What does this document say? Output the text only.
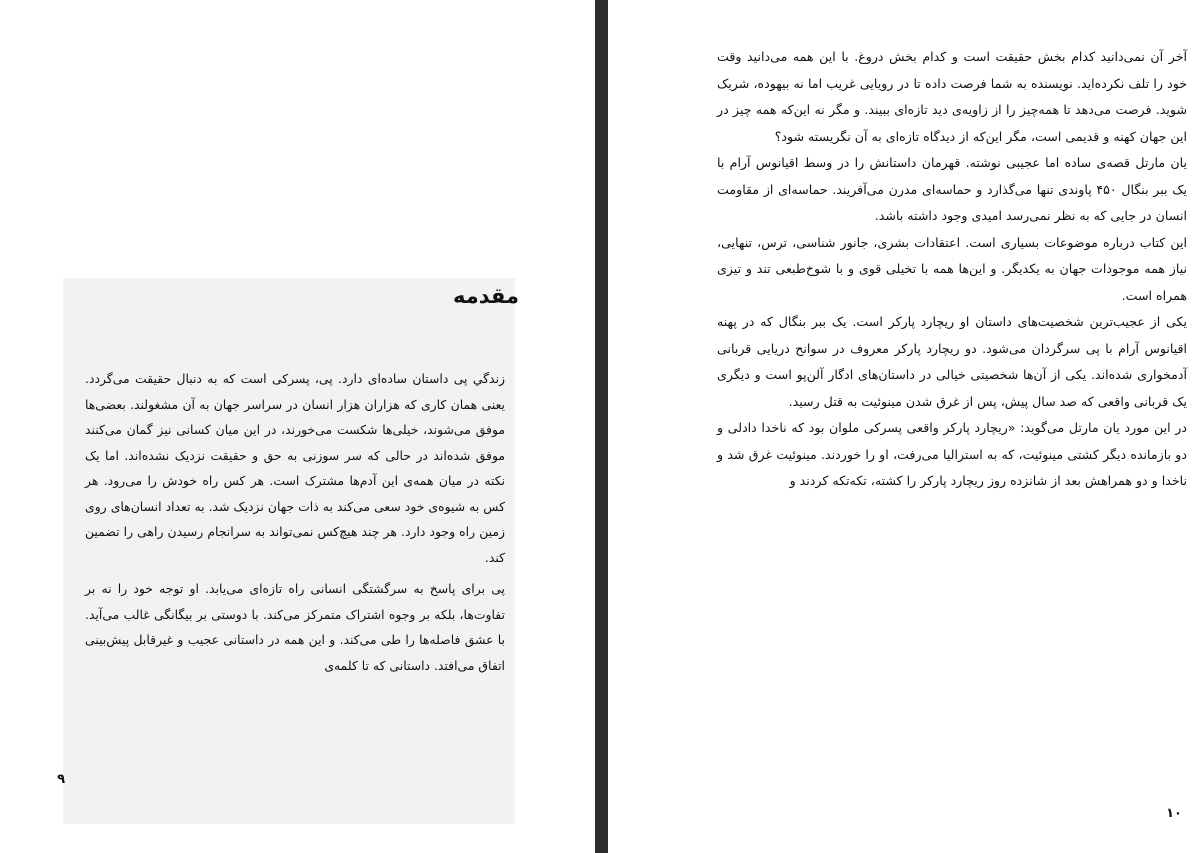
مقدمه

زندگي پی داستان ساده‌ای دارد. پی، پسرکی است که به دنبال حقیقت می‌گردد. یعنی همان کاری که هزاران هزار انسان در سراسر جهان به آن مشغولند. بعضی‌ها موفق می‌شوند، خیلی‌ها شکست می‌خورند، در این میان کسانی نیز گمان می‌کنند موفق شده‌اند در حالی که سر سوزنی به حق و حقیقت نزدیک نشده‌اند. اما یک نکته در میان همه‌ی این آدم‌ها مشترک است. هر کس راه خودش را می‌رود. هر کس به شیوه‌ی خود سعی می‌کند به ذات جهان نزدیک شد. به تعداد انسان‌های روی زمین راه وجود دارد. هر چند هیچ‌کس نمی‌تواند به سرانجام رسیدن راهی را تضمین کند.

پی برای پاسخ به سرگشتگی انسانی راه تازه‌ای می‌یابد. او توجه خود را نه بر تفاوت‌ها، بلکه بر وجوه اشتراک متمرکز می‌کند. با دوستی بر بیگانگی غالب می‌آید. با عشق فاصله‌ها را طی می‌کند. و این همه در داستانی عجیب و غیرقابل پیش‌بینی اتفاق می‌افتد. داستانی که تا کلمه‌ی

۹

آخر آن نمی‌دانید کدام بخش حقیقت است و کدام بخش دروغ. با این همه می‌دانید وقت خود را تلف نکرده‌اید. نویسنده به شما فرصت داده تا در رویایی غریب اما نه بیهوده، شریک شوید. فرصت می‌دهد تا همه‌چیز را از زاویه‌ی دید تازه‌ای ببیند. و مگر نه این‌که همه چیز در این جهان کهنه و قدیمی است، مگر این‌که از دیدگاه تازه‌ای به آن نگریسته شود؟

یان مارتل قصه‌ی ساده اما عجیبی نوشته. قهرمان داستانش را در وسط اقیانوس آرام با یک ببر بنگال ۴۵۰ پاوندی تنها می‌گذارد و حماسه‌ای مدرن می‌آفریند. حماسه‌ای از مقاومت انسان در جایی که به نظر نمی‌رسد امیدی وجود داشته باشد.

این کتاب درباره موضوعات بسیاری است. اعتقادات بشری، جانور شناسی، ترس، تنهایی، نیاز همه موجودات جهان به یکدیگر. و این‌ها همه با تخیلی قوی و با شوخ‌طبعی تند و تیزی همراه است.

یکی از عجیب‌ترین شخصیت‌های داستان او ریچارد پارکر است. یک ببر بنگال که در پهنه اقیانوس آرام با پی سرگردان می‌شود. دو ریچارد پارکر معروف در سوانح دریایی قربانی آدمخواری شده‌اند. یکی از آن‌ها شخصیتی خیالی در داستان‌های ادگار آلن‌پو است و دیگری یک قربانی واقعی که صد سال پیش، پس از غرق شدن مینوئیت به قتل رسید.

در این مورد یان مارتل می‌گوید: «ریچارد پارکر واقعی پسرکی ملوان بود که ناخدا دادلی و دو بازمانده دیگر کشتی مینوئیت، که به استرالیا می‌رفت، او را خوردند. مینوئیت غرق شد و ناخدا و دو همراهش بعد از شانزده روز ریچارد پارکر را کشته، تکه‌تکه کردند و

۱۰
